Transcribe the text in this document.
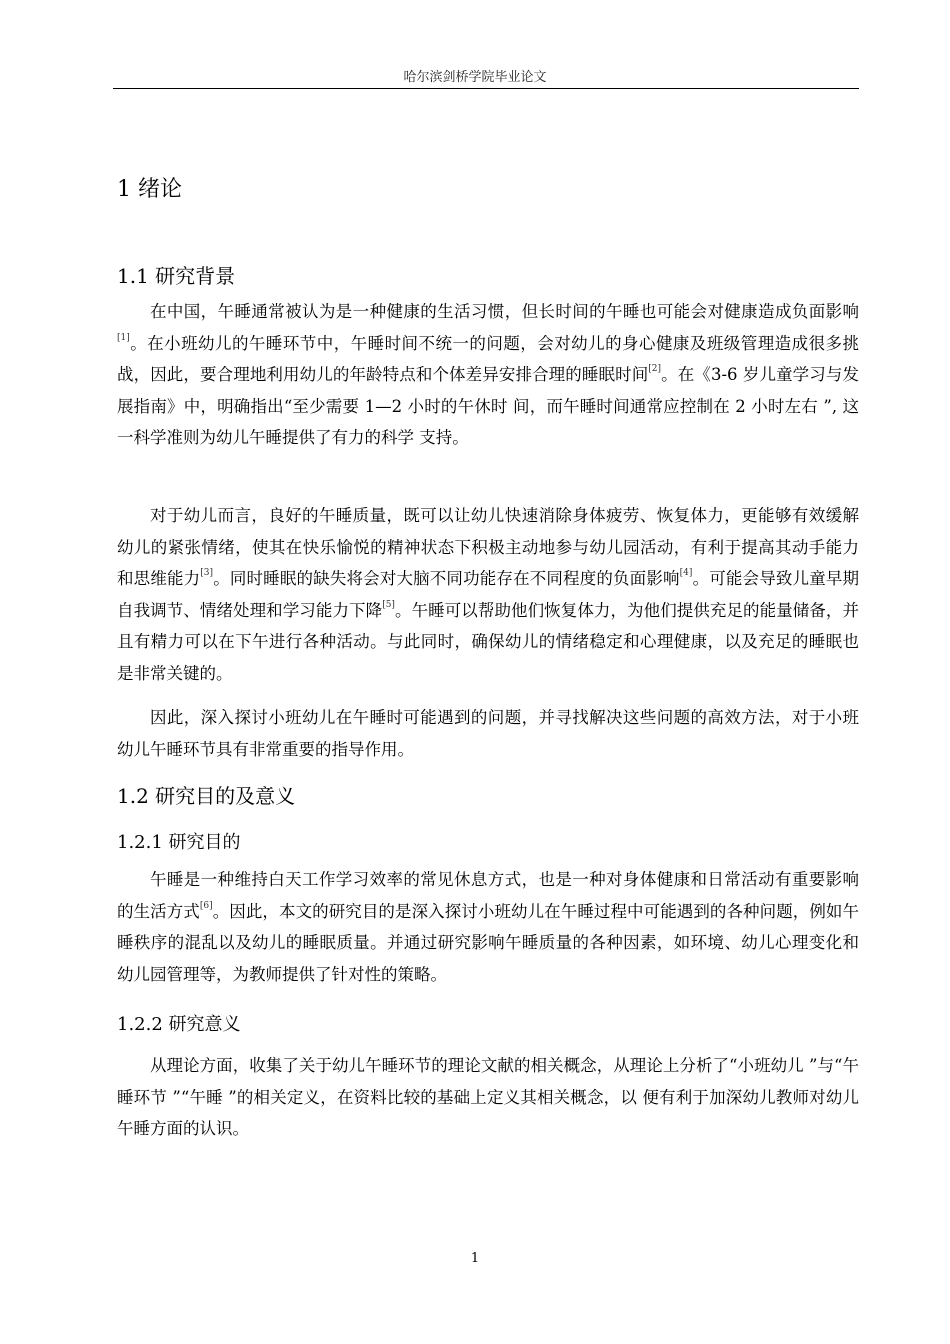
哈尔滨剑桥学院毕业论文
1 绪论
1.1 研究背景

在中国，午睡通常被认为是一种健康的生活习惯，但长时间的午睡也可能会对健康造成负面影响[1]。在小班幼儿的午睡环节中，午睡时间不统一的问题，会对幼儿的身心健康及班级管理造成很多挑战，因此，要合理地利用幼儿的年龄特点和个体差异安排合理的睡眠时间[2]。在《3-6 岁儿童学习与发展指南》中，明确指出“至少需要 1—2 小时的午休时 间，而午睡时间通常应控制在 2 小时左右 ”, 这一科学准则为幼儿午睡提供了有力的科学 支持。

对于幼儿而言，良好的午睡质量，既可以让幼儿快速消除身体疲劳、恢复体力，更能够有效缓解幼儿的紧张情绪，使其在快乐愉悦的精神状态下积极主动地参与幼儿园活动，有利于提高其动手能力和思维能力[3]。同时睡眠的缺失将会对大脑不同功能存在不同程度的负面影响[4]。可能会导致儿童早期自我调节、情绪处理和学习能力下降[5]。午睡可以帮助他们恢复体力，为他们提供充足的能量储备，并且有精力可以在下午进行各种活动。与此同时，确保幼儿的情绪稳定和心理健康，以及充足的睡眠也是非常关键的。

因此，深入探讨小班幼儿在午睡时可能遇到的问题，并寻找解决这些问题的高效方法，对于小班幼儿午睡环节具有非常重要的指导作用。

1.2 研究目的及意义
1.2.1 研究目的

午睡是一种维持白天工作学习效率的常见休息方式，也是一种对身体健康和日常活动有重要影响的生活方式[6]。因此，本文的研究目的是深入探讨小班幼儿在午睡过程中可能遇到的各种问题，例如午睡秩序的混乱以及幼儿的睡眠质量。并通过研究影响午睡质量的各种因素，如环境、幼儿心理变化和幼儿园管理等，为教师提供了针对性的策略。

1.2.2 研究意义

从理论方面，收集了关于幼儿午睡环节的理论文献的相关概念，从理论上分析了“小班幼儿 ”与“午睡环节 ”“午睡 ”的相关定义，在资料比较的基础上定义其相关概念，以 便有利于加深幼儿教师对幼儿午睡方面的认识。

1
